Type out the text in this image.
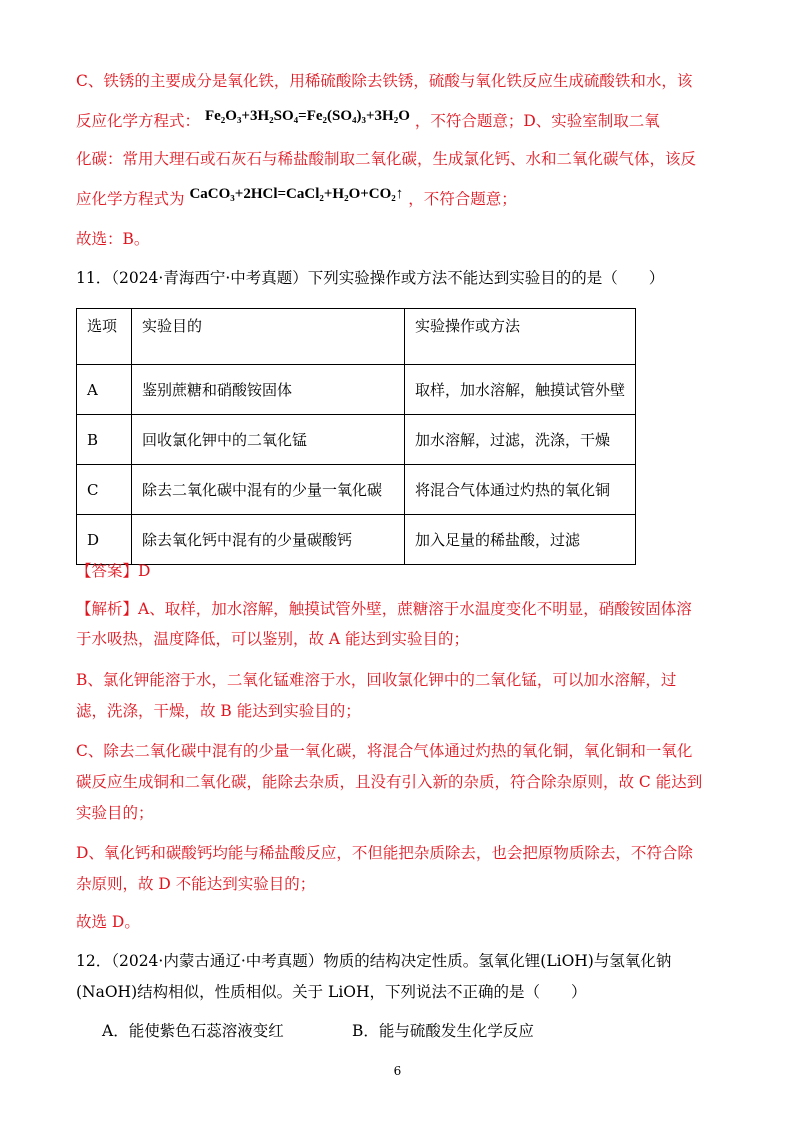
C、铁锈的主要成分是氧化铁，用稀硫酸除去铁锈，硫酸与氧化铁反应生成硫酸铁和水，该
反应化学方程式： Fe₂O₃+3H₂SO₄=Fe₂(SO₄)₃+3H₂O ，不符合题意；D、实验室制取二氧
化碳：常用大理石或石灰石与稀盐酸制取二氧化碳，生成氯化钙、水和二氧化碳气体，该反
应化学方程式为 CaCO₃+2HCl=CaCl₂+H₂O+CO₂↑ ，不符合题意；
故选：B。
11．（2024·青海西宁·中考真题）下列实验操作或方法不能达到实验目的的是（　　）
选项	实验目的	实验操作或方法
A	鉴别蔗糖和硝酸铵固体	取样，加水溶解，触摸试管外壁
B	回收氯化钾中的二氧化锰	加水溶解，过滤，洗涤，干燥
C	除去二氧化碳中混有的少量一氧化碳	将混合气体通过灼热的氧化铜
D	除去氧化钙中混有的少量碳酸钙	加入足量的稀盐酸，过滤
【答案】D
【解析】A、取样，加水溶解，触摸试管外壁，蔗糖溶于水温度变化不明显，硝酸铵固体溶
于水吸热，温度降低，可以鉴别，故 A 能达到实验目的；
B、氯化钾能溶于水，二氧化锰难溶于水，回收氯化钾中的二氧化锰，可以加水溶解，过
滤，洗涤，干燥，故 B 能达到实验目的；
C、除去二氧化碳中混有的少量一氧化碳，将混合气体通过灼热的氧化铜，氧化铜和一氧化
碳反应生成铜和二氧化碳，能除去杂质，且没有引入新的杂质，符合除杂原则，故 C 能达到
实验目的；
D、氧化钙和碳酸钙均能与稀盐酸反应，不但能把杂质除去，也会把原物质除去，不符合除
杂原则，故 D 不能达到实验目的；
故选 D。
12．（2024·内蒙古通辽·中考真题）物质的结构决定性质。氢氧化锂(LiOH)与氢氧化钠
(NaOH)结构相似，性质相似。关于 LiOH，下列说法不正确的是（　　）
A．能使紫色石蕊溶液变红	B．能与硫酸发生化学反应
6
